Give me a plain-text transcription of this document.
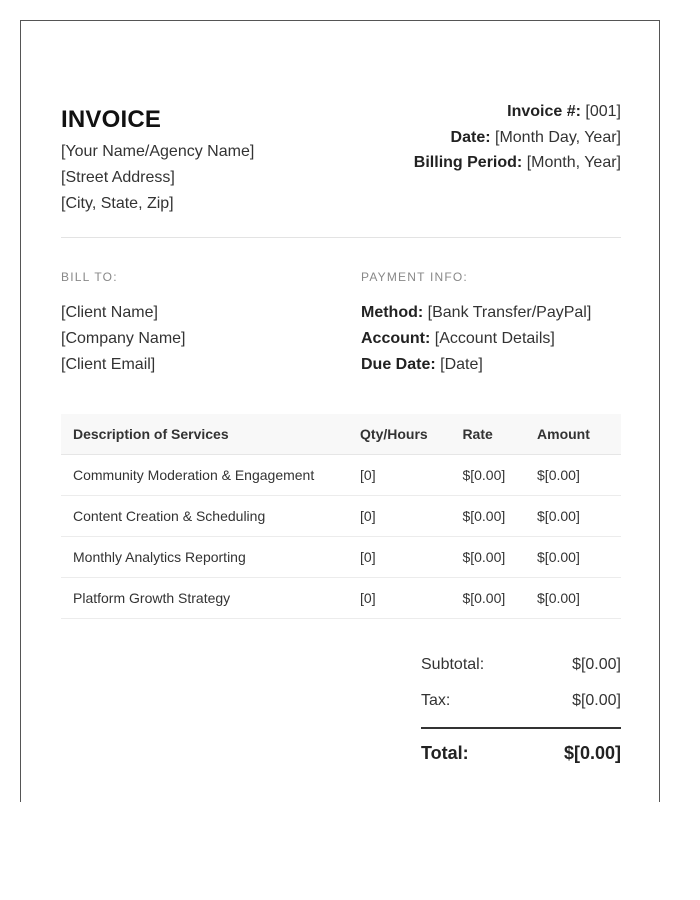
INVOICE
[Your Name/Agency Name]
[Street Address]
[City, State, Zip]
Invoice #: [001]
Date: [Month Day, Year]
Billing Period: [Month, Year]
BILL TO:
[Client Name]
[Company Name]
[Client Email]
PAYMENT INFO:
Method: [Bank Transfer/PayPal]
Account: [Account Details]
Due Date: [Date]
Description of Services	Qty/Hours	Rate	Amount
Community Moderation & Engagement	[0]	$[0.00]	$[0.00]
Content Creation & Scheduling	[0]	$[0.00]	$[0.00]
Monthly Analytics Reporting	[0]	$[0.00]	$[0.00]
Platform Growth Strategy	[0]	$[0.00]	$[0.00]
Subtotal:	$[0.00]
Tax:	$[0.00]
Total:	$[0.00]
